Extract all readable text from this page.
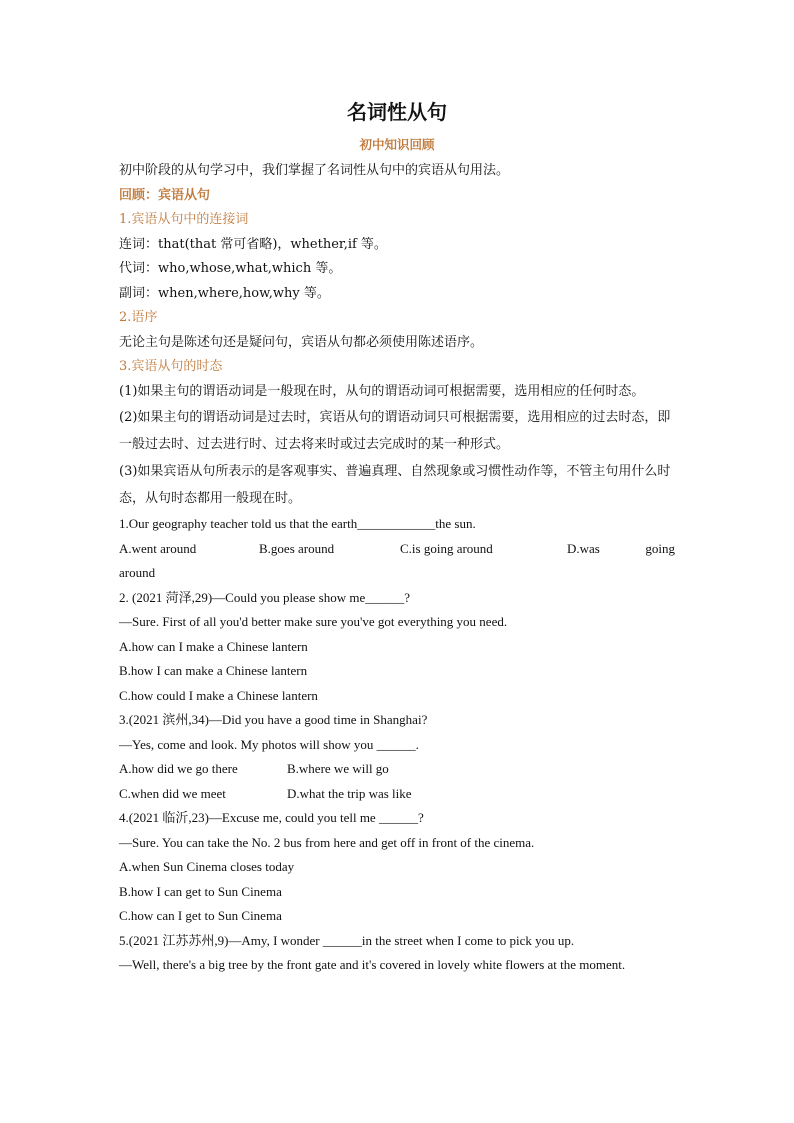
名词性从句
初中知识回顾
初中阶段的从句学习中，我们掌握了名词性从句中的宾语从句用法。
回顾：宾语从句
1.宾语从句中的连接词
连词：that(that 常可省略)，whether,if 等。
代词：who,whose,what,which 等。
副词：when,where,how,why 等。
2.语序
无论主句是陈述句还是疑问句，宾语从句都必须使用陈述语序。
3.宾语从句的时态
(1)如果主句的谓语动词是一般现在时，从句的谓语动词可根据需要，选用相应的任何时态。
(2)如果主句的谓语动词是过去时，宾语从句的谓语动词只可根据需要，选用相应的过去时态，即一般过去时、过去进行时、过去将来时或过去完成时的某一种形式。
(3)如果宾语从句所表示的是客观事实、普遍真理、自然现象或习惯性动作等，不管主句用什么时态，从句时态都用一般现在时。
1.Our geography teacher told us that the earth____________the sun.
A.went around	B.goes around	C.is going around	D.was	going
around
2. (2021 菏泽,29)—Could you please show me______?
—Sure. First of all you'd better make sure you've got everything you need.
A.how can I make a Chinese lantern
B.how I can make a Chinese lantern
C.how could I make a Chinese lantern
3.(2021 滨州,34)—Did you have a good time in Shanghai?
—Yes, come and look. My photos will show you ______.
A.how did we go there	B.where we will go
C.when did we meet	D.what the trip was like
4.(2021 临沂,23)—Excuse me, could you tell me ______?
—Sure. You can take the No. 2 bus from here and get off in front of the cinema.
A.when Sun Cinema closes today
B.how I can get to Sun Cinema
C.how can I get to Sun Cinema
5.(2021 江苏苏州,9)—Amy, I wonder ______in the street when I come to pick you up.
—Well, there's a big tree by the front gate and it's covered in lovely white flowers at the moment.
